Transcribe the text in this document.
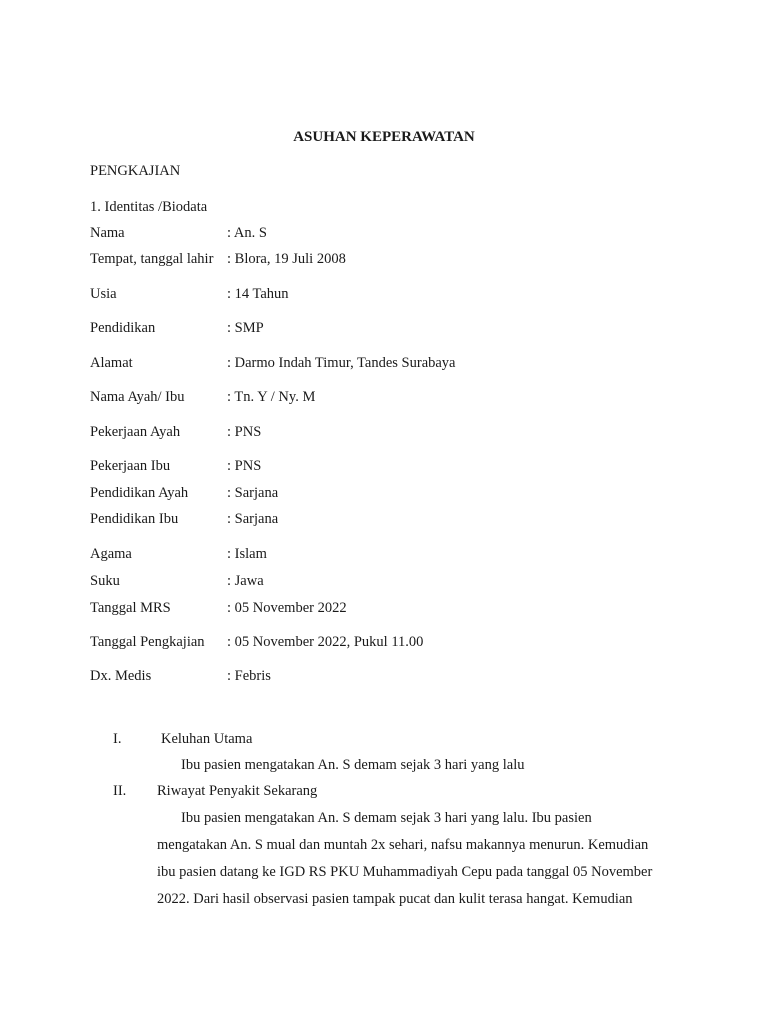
ASUHAN KEPERAWATAN
PENGKAJIAN
1. Identitas /Biodata
Nama	: An. S
Tempat, tanggal lahir : Blora, 19 Juli 2008
Usia	: 14 Tahun
Pendidikan	: SMP
Alamat	: Darmo Indah Timur, Tandes Surabaya
Nama Ayah/ Ibu	: Tn. Y / Ny. M
Pekerjaan Ayah	: PNS
Pekerjaan Ibu	: PNS
Pendidikan Ayah	: Sarjana
Pendidikan Ibu	: Sarjana
Agama	: Islam
Suku	: Jawa
Tanggal MRS	: 05 November 2022
Tanggal Pengkajian : 05 November 2022, Pukul 11.00
Dx. Medis	: Febris
I.	Keluhan Utama
Ibu pasien mengatakan An. S demam sejak 3 hari yang lalu
II. Riwayat Penyakit Sekarang
Ibu pasien mengatakan An. S demam sejak 3 hari yang lalu. Ibu pasien
mengatakan An. S mual dan muntah 2x sehari, nafsu makannya menurun. Kemudian
ibu pasien datang ke IGD RS PKU Muhammadiyah Cepu pada tanggal 05 November
2022. Dari hasil observasi pasien tampak pucat dan kulit terasa hangat. Kemudian
